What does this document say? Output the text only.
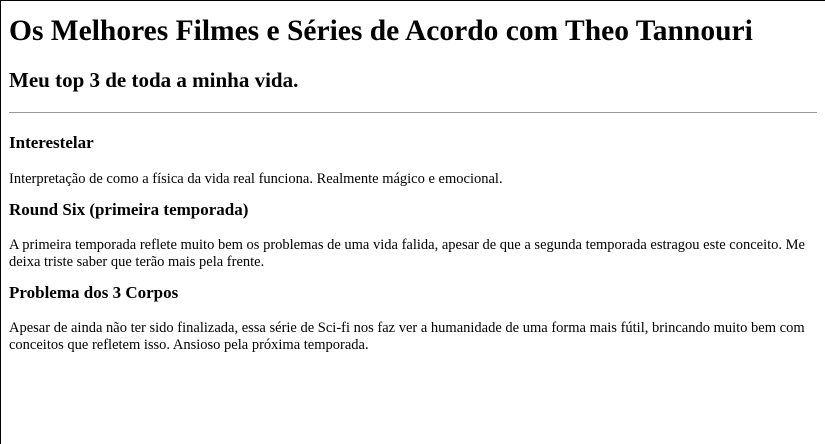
Os Melhores Filmes e Séries de Acordo com Theo Tannouri
Meu top 3 de toda a minha vida.
Interestelar

Interpretação de como a física da vida real funciona. Realmente mágico e emocional.

Round Six (primeira temporada)

A primeira temporada reflete muito bem os problemas de uma vida falida, apesar de que a segunda temporada estragou este conceito. Me deixa triste saber que terão mais pela frente.

Problema dos 3 Corpos

Apesar de ainda não ter sido finalizada, essa série de Sci-fi nos faz ver a humanidade de uma forma mais fútil, brincando muito bem com conceitos que refletem isso. Ansioso pela próxima temporada.
